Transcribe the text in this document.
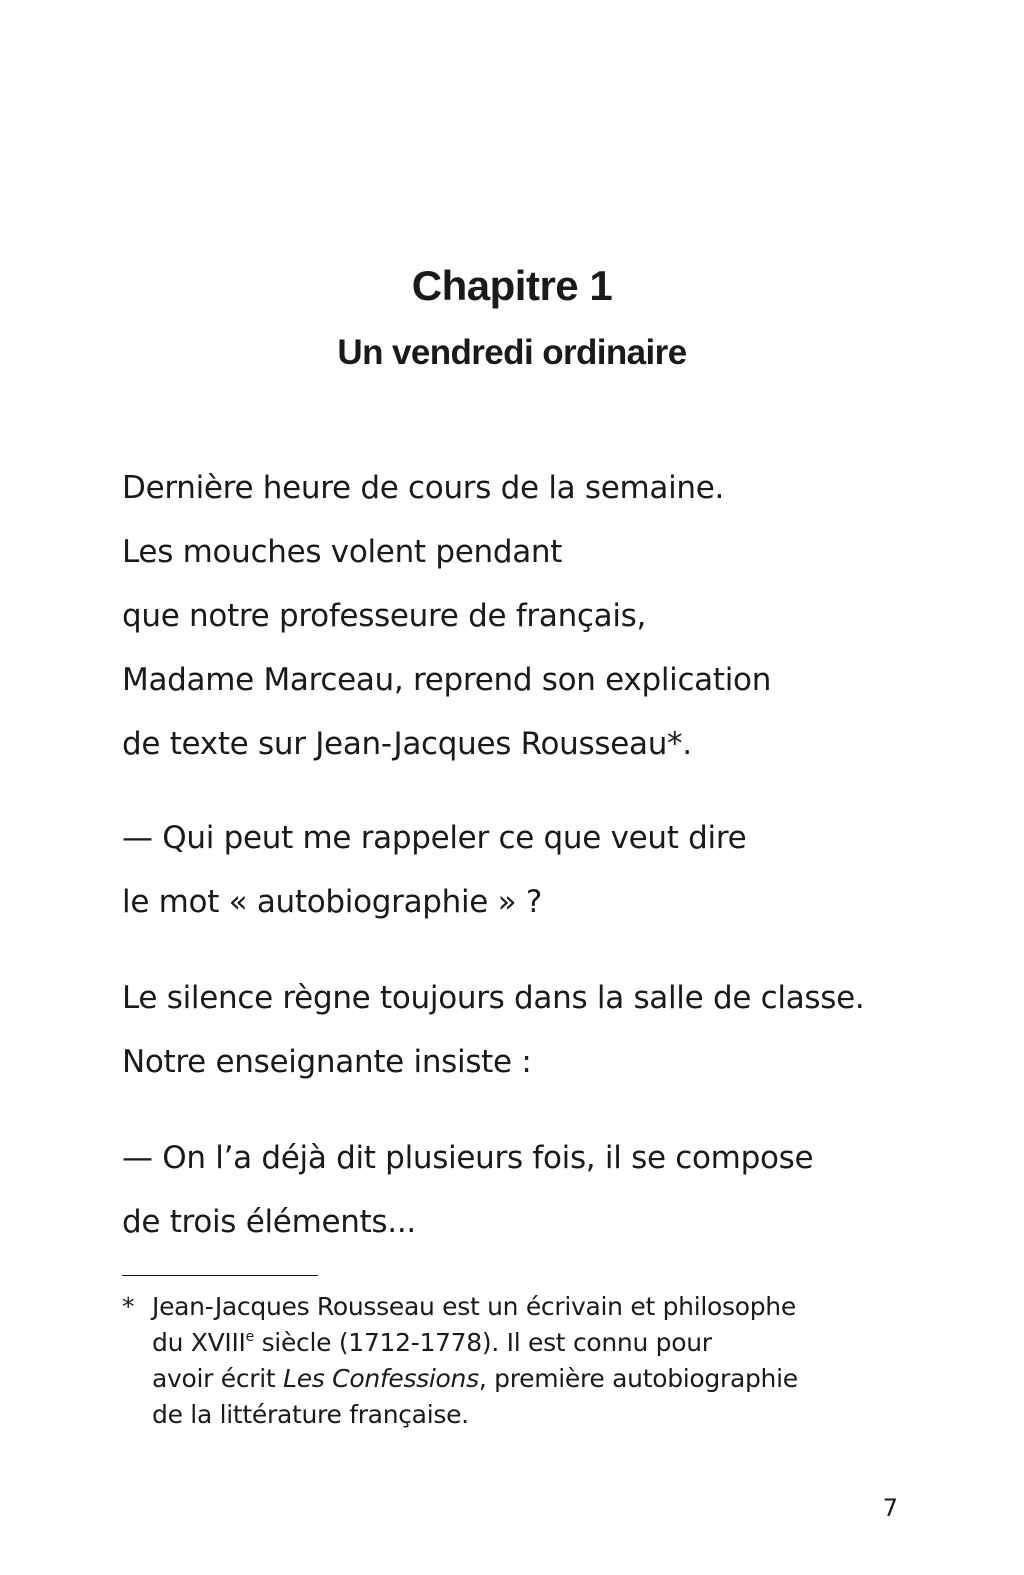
Chapitre 1
Un vendredi ordinaire
Dernière heure de cours de la semaine.
Les mouches volent pendant
que notre professeure de français,
Madame Marceau, reprend son explication
de texte sur Jean-Jacques Rousseau*.
— Qui peut me rappeler ce que veut dire
le mot « autobiographie » ?
Le silence règne toujours dans la salle de classe.
Notre enseignante insiste :
— On l’a déjà dit plusieurs fois, il se compose
de trois éléments...
* Jean-Jacques Rousseau est un écrivain et philosophe
du XVIIIe siècle (1712-1778). Il est connu pour
avoir écrit Les Confessions, première autobiographie
de la littérature française.
7
